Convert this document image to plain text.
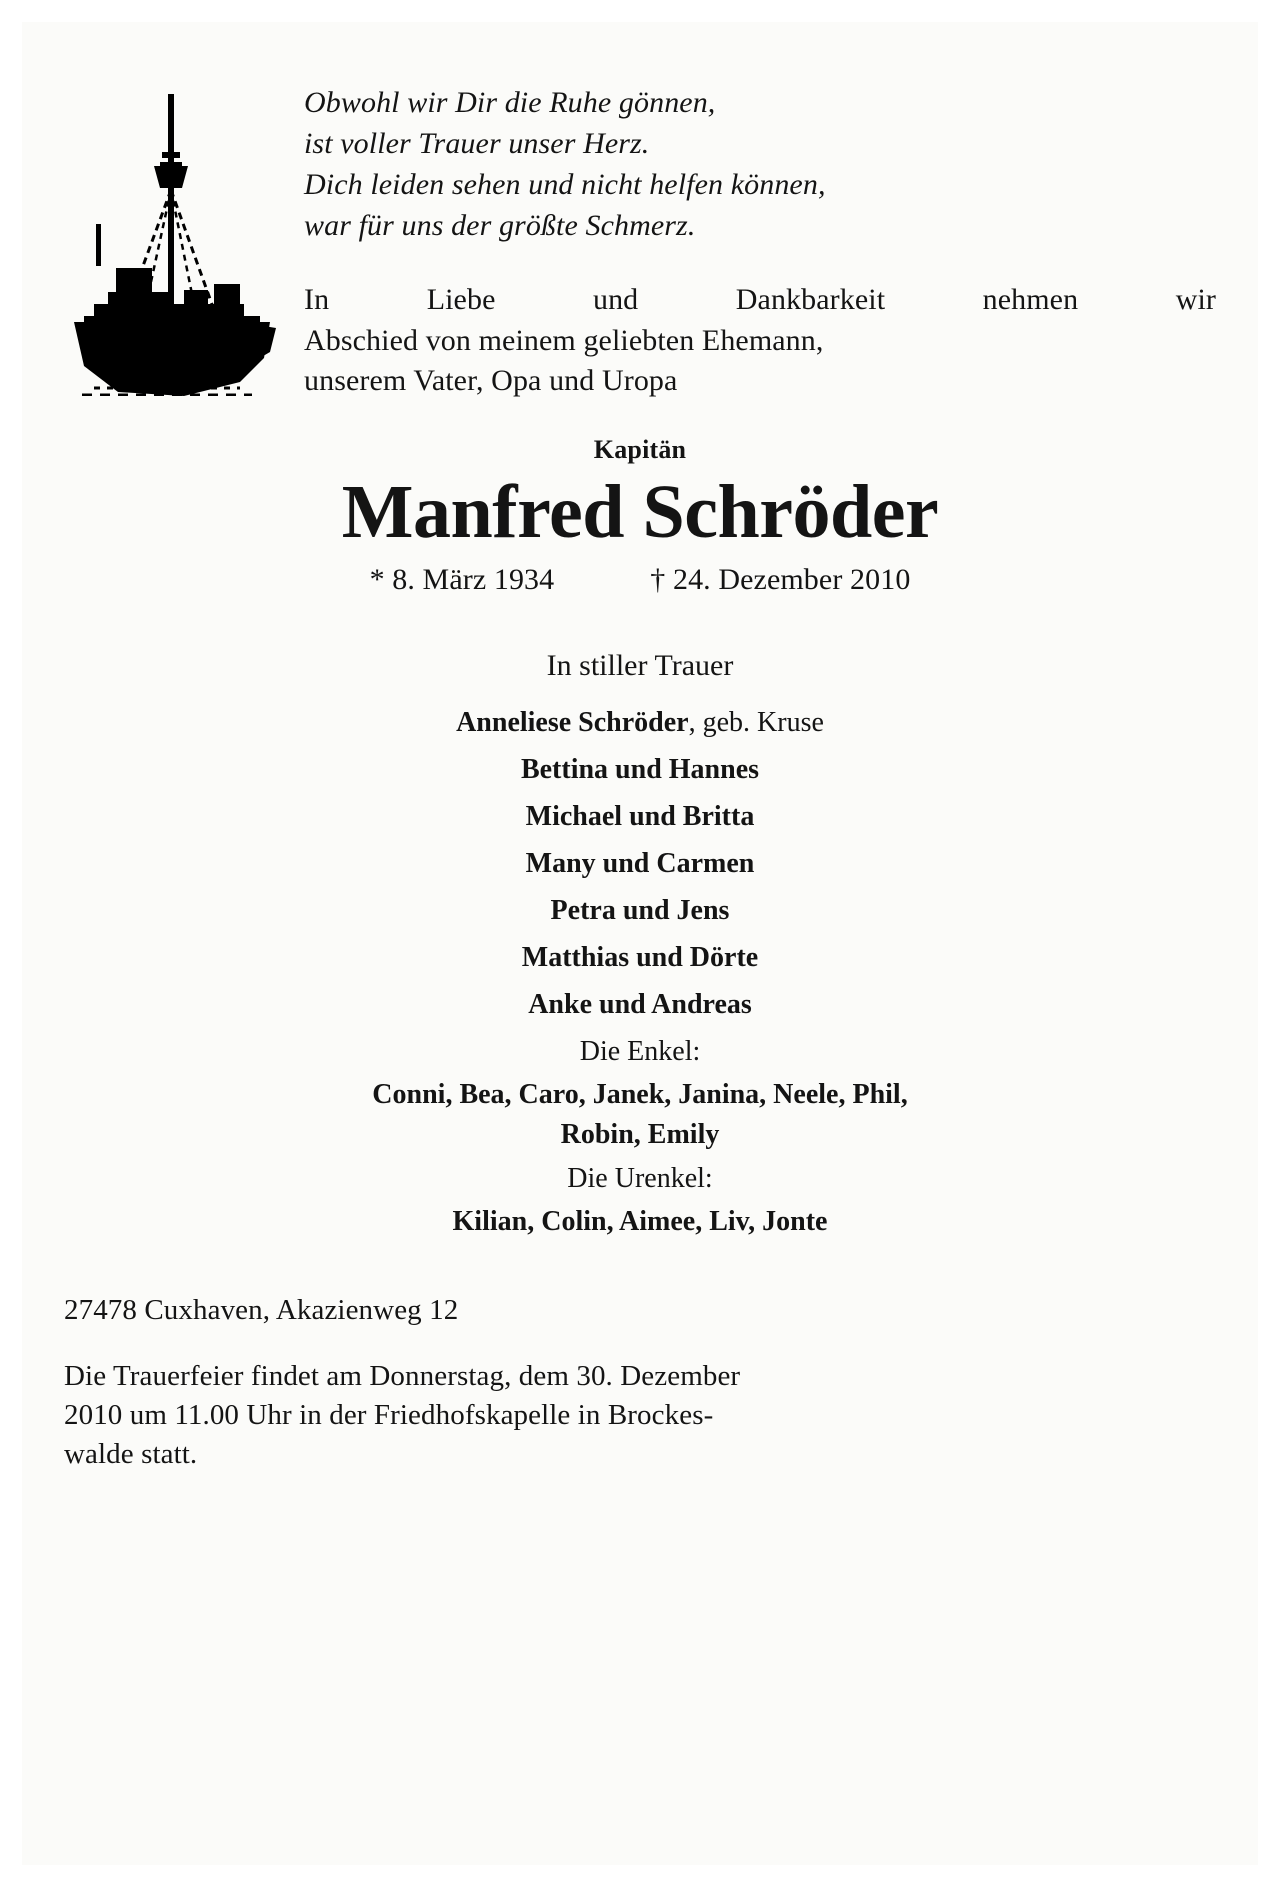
Obwohl wir Dir die Ruhe gönnen,
ist voller Trauer unser Herz.
Dich leiden sehen und nicht helfen können,
war für uns der größte Schmerz.
In	Liebe	und	Dankbarkeit	nehmen	wir
Abschied von meinem geliebten Ehemann,
unserem Vater, Opa und Uropa
Kapitän
Manfred Schröder
* 8. März 1934	† 24. Dezember 2010
In stiller Trauer
Anneliese Schröder, geb. Kruse
Bettina und Hannes
Michael und Britta
Many und Carmen
Petra und Jens
Matthias und Dörte
Anke und Andreas
Die Enkel:
Conni, Bea, Caro, Janek, Janina, Neele, Phil,
Robin, Emily
Die Urenkel:
Kilian, Colin, Aimee, Liv, Jonte
27478 Cuxhaven, Akazienweg 12
Die Trauerfeier findet am Donnerstag, dem 30. Dezember
2010 um 11.00 Uhr in der Friedhofskapelle in Brockes-
walde statt.
